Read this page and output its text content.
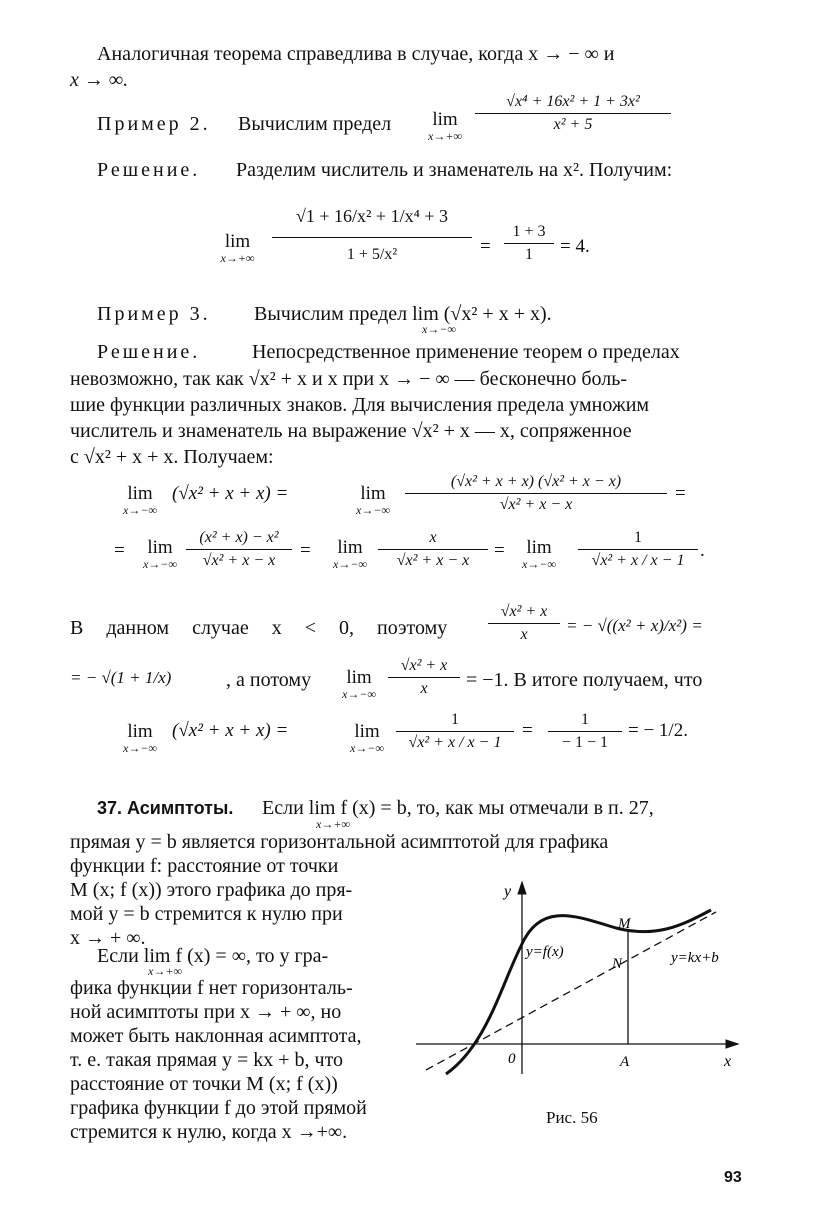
Аналогичная теорема справедлива в случае, когда x → − ∞ и
x → ∞.
Пример 2. Вычислим предел	lim
x→+∞
√x⁴ + 16x² + 1 + 3x²
x² + 5
Решение. Разделим числитель и знаменатель на x². Получим:
lim
x→+∞
√1 + 16/x² + 1/x⁴ + 3
1 + 5/x²	=
1 + 3
1	= 4.
Пример 3. Вычислим предел lim (√x² + x + x).
x→−∞
Решение.	Непосредственное применение теорем о пределах
невозможно, так как √x² + x и x при x → − ∞ — бесконечно боль-
шие функции различных знаков. Для вычисления предела умножим
числитель и знаменатель на выражение √x² + x — x, сопряженное
с √x² + x + x. Получаем:
lim
x→−∞
(√x² + x + x) =	lim
x→−∞
(√x² + x + x) (√x² + x − x)
√x² + x − x
=
=	lim
x→−∞
(x² + x) − x²
√x² + x − x	=	lim
x→−∞
x
√x² + x − x	=	lim
x→−∞
1
√x² + x / x − 1 .
В данном случае x < 0, поэтому
√x² + x
x	= − √((x² + x)/x²) =
= − √(1 + 1/x)	, а потому	lim
x→−∞
√x² + x
x	= −1. В итоге получаем, что
lim
x→−∞
(√x² + x + x) =	lim
x→−∞
1
√x² + x / x − 1
=
1
− 1 − 1
= − 1/2.
37. Асимптоты. Если lim f (x) = b, то, как мы отмечали в п. 27,
x→+∞
прямая y = b является горизонтальной асимптотой для графика
функции f: расстояние от точки
M (x; f (x)) этого графика до пря-
мой y = b стремится к нулю при
x → + ∞.
Если lim f (x) = ∞, то у гра-
x→+∞
фика функции f нет горизонталь-
ной асимптоты при x → + ∞, но
может быть наклонная асимптота,
т. е. такая прямая y = kx + b, что
расстояние от точки M (x; f (x))
графика функции f до этой прямой
стремится к нулю, когда x →+∞.
y
x
0	A
M
N
y=f(x)	y=kx+b
Рис. 56
93
